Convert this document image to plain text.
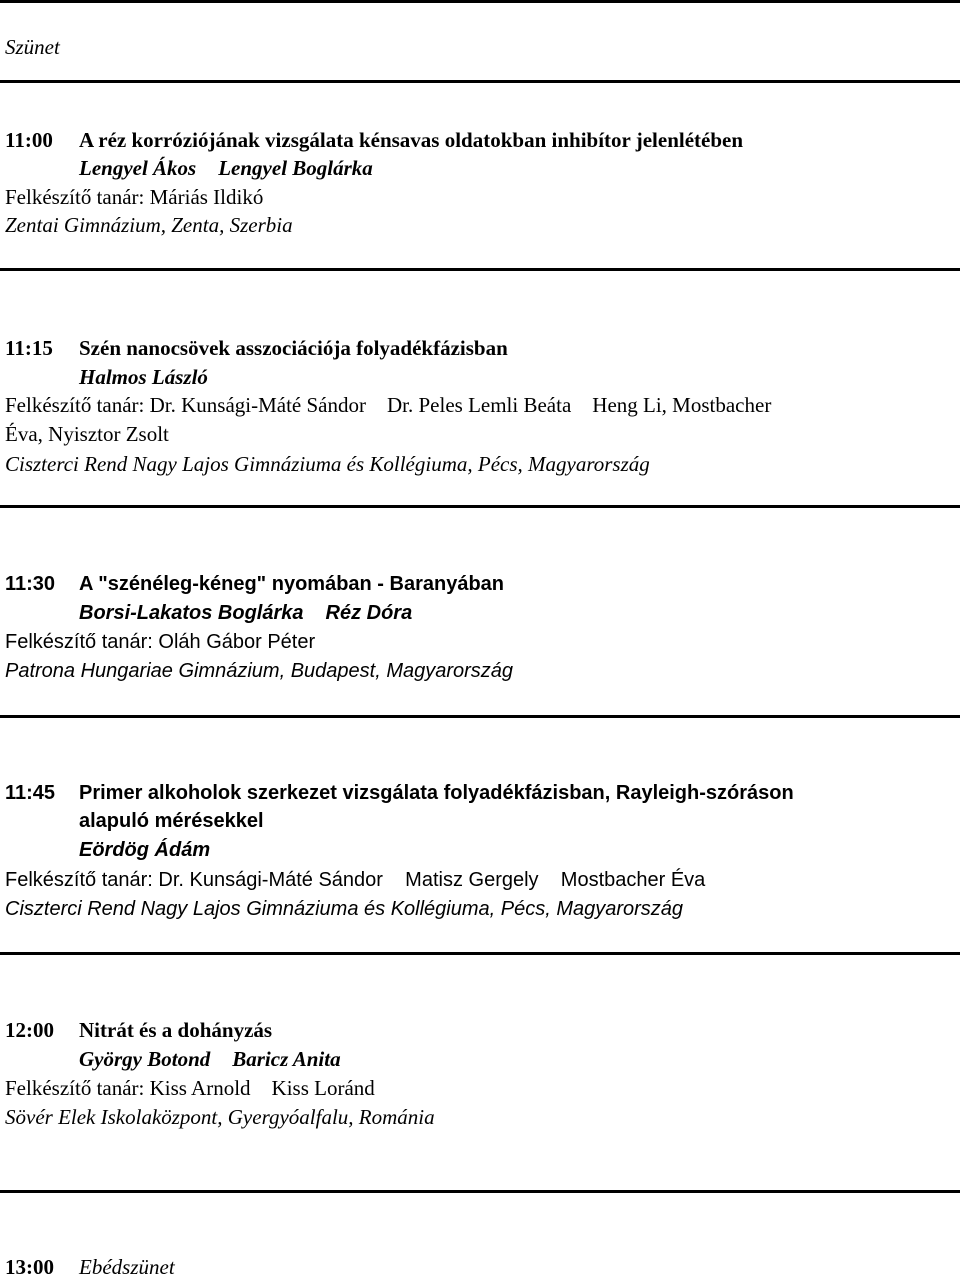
Szünet
11:00 A réz korróziójának vizsgálata kénsavas oldatokban inhibítor jelenlétében
Lengyel Ákos Lengyel Boglárka
Felkészítő tanár: Máriás Ildikó
Zentai Gimnázium, Zenta, Szerbia
11:15 Szén nanocsövek asszociációja folyadékfázisban
Halmos László
Felkészítő tanár: Dr. Kunsági-Máté Sándor    Dr. Peles Lemli Beáta    Heng Li, Mostbacher
Éva, Nyisztor Zsolt
Ciszterci Rend Nagy Lajos Gimnáziuma és Kollégiuma, Pécs, Magyarország
11:30 A "szénéleg-kéneg" nyomában - Baranyában
Borsi-Lakatos Boglárka Réz Dóra
Felkészítő tanár: Oláh Gábor Péter
Patrona Hungariae Gimnázium, Budapest, Magyarország
11:45 Primer alkoholok szerkezet vizsgálata folyadékfázisban, Rayleigh-szóráson
alapuló mérésekkel
Eördög Ádám
Felkészítő tanár: Dr. Kunsági-Máté Sándor    Matisz Gergely    Mostbacher Éva
Ciszterci Rend Nagy Lajos Gimnáziuma és Kollégiuma, Pécs, Magyarország
12:00 Nitrát és a dohányzás
György Botond Baricz Anita
Felkészítő tanár: Kiss Arnold    Kiss Loránd
Sövér Elek Iskolaközpont, Gyergyóalfalu, Románia
13:00 Ebédszünet
